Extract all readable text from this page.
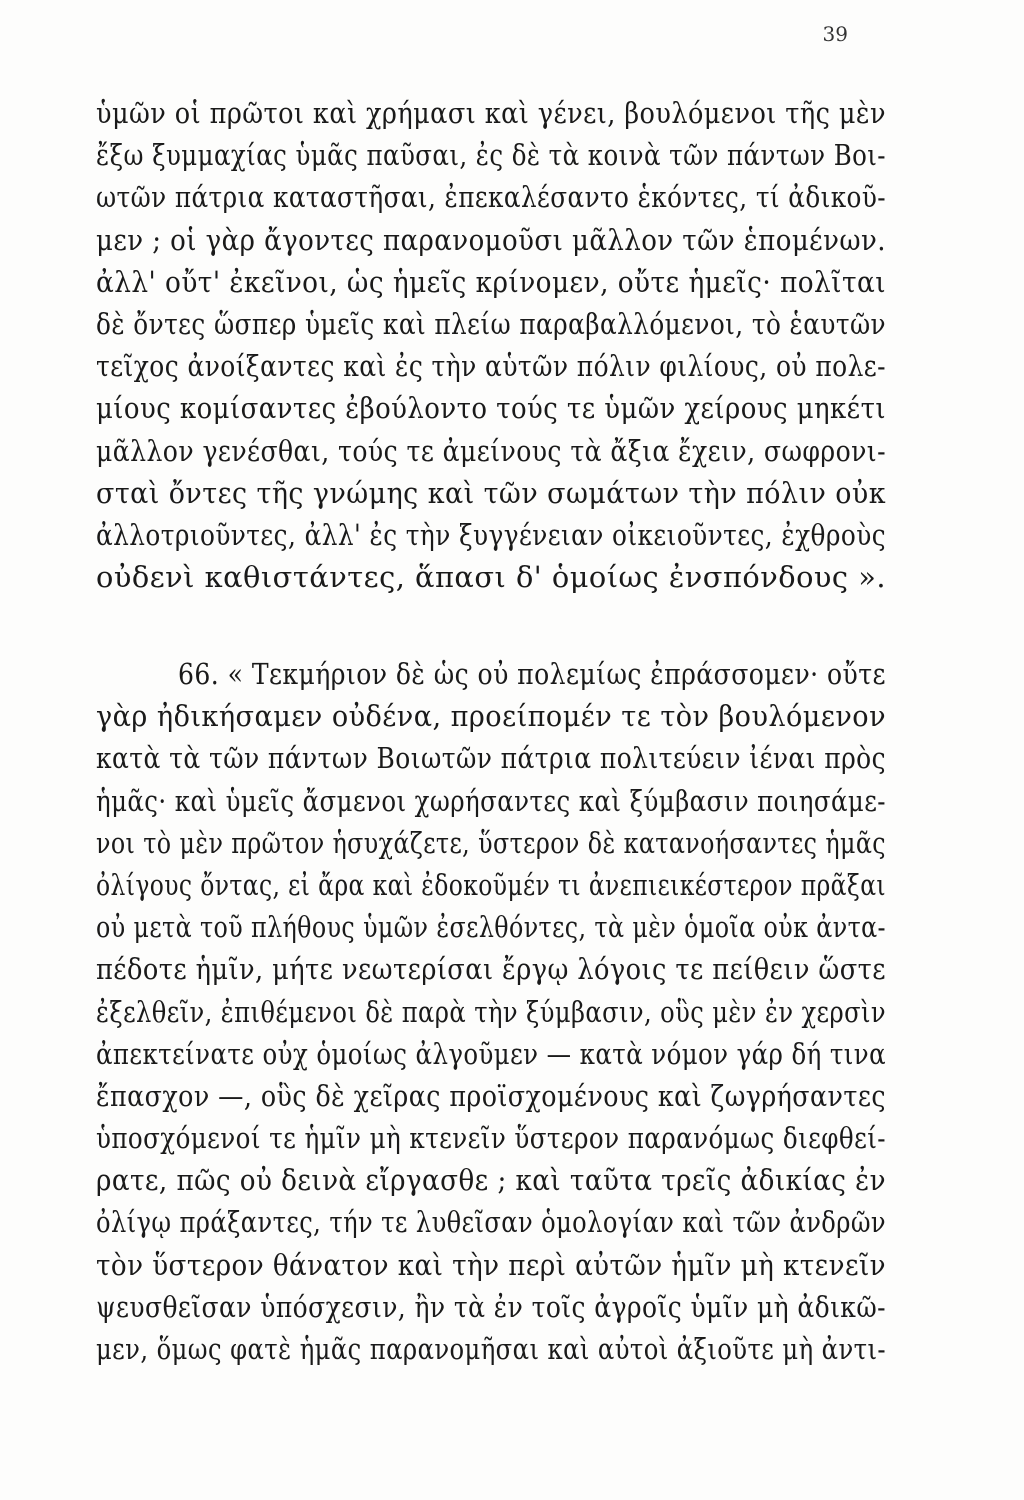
39
ὑμῶν οἱ πρῶτοι καὶ χρήμασι καὶ γένει, βουλόμενοι τῆς μὲν
ἔξω ξυμμαχίας ὑμᾶς παῦσαι, ἐς δὲ τὰ κοινὰ τῶν πάντων Βοι-
ωτῶν πάτρια καταστῆσαι, ἐπεκαλέσαντο ἑκόντες, τί ἀδικοῦ-
μεν ; οἱ γὰρ ἄγοντες παρανομοῦσι μᾶλλον τῶν ἑπομένων.
ἀλλ' οὔτ' ἐκεῖνοι, ὡς ἡμεῖς κρίνομεν, οὔτε ἡμεῖς· πολῖται
δὲ ὄντες ὥσπερ ὑμεῖς καὶ πλείω παραβαλλόμενοι, τὸ ἑαυτῶν
τεῖχος ἀνοίξαντες καὶ ἐς τὴν αὑτῶν πόλιν φιλίους, οὐ πολε-
μίους κομίσαντες ἐβούλοντο τούς τε ὑμῶν χείρους μηκέτι
μᾶλλον γενέσθαι, τούς τε ἀμείνους τὰ ἄξια ἔχειν, σωφρονι-
σταὶ ὄντες τῆς γνώμης καὶ τῶν σωμάτων τὴν πόλιν οὐκ
ἀλλοτριοῦντες, ἀλλ' ἐς τὴν ξυγγένειαν οἰκειοῦντες, ἐχθροὺς
οὐδενὶ καθιστάντες, ἅπασι δ' ὁμοίως ἐνσπόνδους ».
66. « Τεκμήριον δὲ ὡς οὐ πολεμίως ἐπράσσομεν· οὔτε
γὰρ ἠδικήσαμεν οὐδένα, προείπομέν τε τὸν βουλόμενον
κατὰ τὰ τῶν πάντων Βοιωτῶν πάτρια πολιτεύειν ἰέναι πρὸς
ἡμᾶς· καὶ ὑμεῖς ἄσμενοι χωρήσαντες καὶ ξύμβασιν ποιησάμε-
νοι τὸ μὲν πρῶτον ἡσυχάζετε, ὕστερον δὲ κατανοήσαντες ἡμᾶς
ὀλίγους ὄντας, εἰ ἄρα καὶ ἐδοκοῦμέν τι ἀνεπιεικέστερον πρᾶξαι
οὐ μετὰ τοῦ πλήθους ὑμῶν ἐσελθόντες, τὰ μὲν ὁμοῖα οὐκ ἀντα-
πέδοτε ἡμῖν, μήτε νεωτερίσαι ἔργῳ λόγοις τε πείθειν ὥστε
ἐξελθεῖν, ἐπιθέμενοι δὲ παρὰ τὴν ξύμβασιν, οὓς μὲν ἐν χερσὶν
ἀπεκτείνατε οὐχ ὁμοίως ἀλγοῦμεν — κατὰ νόμον γάρ δή τινα
ἔπασχον —, οὓς δὲ χεῖρας προϊσχομένους καὶ ζωγρήσαντες
ὑποσχόμενοί τε ἡμῖν μὴ κτενεῖν ὕστερον παρανόμως διεφθεί-
ρατε, πῶς οὐ δεινὰ εἴργασθε ; καὶ ταῦτα τρεῖς ἀδικίας ἐν
ὀλίγῳ πράξαντες, τήν τε λυθεῖσαν ὁμολογίαν καὶ τῶν ἀνδρῶν
τὸν ὕστερον θάνατον καὶ τὴν περὶ αὐτῶν ἡμῖν μὴ κτενεῖν
ψευσθεῖσαν ὑπόσχεσιν, ἢν τὰ ἐν τοῖς ἀγροῖς ὑμῖν μὴ ἀδικῶ-
μεν, ὅμως φατὲ ἡμᾶς παρανομῆσαι καὶ αὐτοὶ ἀξιοῦτε μὴ ἀντι-
